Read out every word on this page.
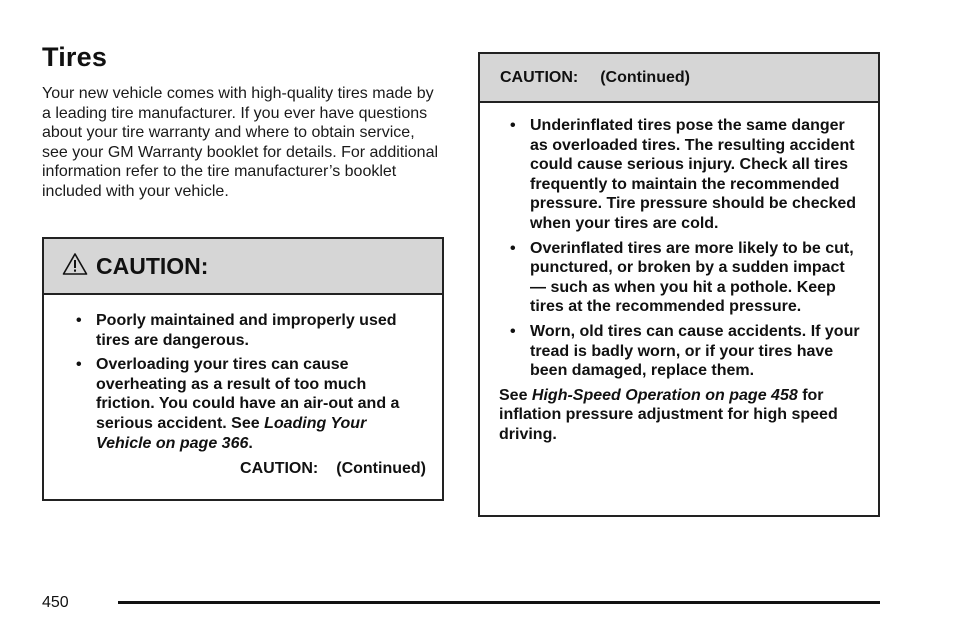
Tires
Your new vehicle comes with high-quality tires made by a leading tire manufacturer. If you ever have questions about your tire warranty and where to obtain service, see your GM Warranty booklet for details. For additional information refer to the tire manufacturer’s booklet included with your vehicle.
CAUTION:
• Poorly maintained and improperly used tires are dangerous.
• Overloading your tires can cause overheating as a result of too much friction. You could have an air-out and a serious accident. See Loading Your Vehicle on page 366.
CAUTION: (Continued)
CAUTION: (Continued)
• Underinflated tires pose the same danger as overloaded tires. The resulting accident could cause serious injury. Check all tires frequently to maintain the recommended pressure. Tire pressure should be checked when your tires are cold.
• Overinflated tires are more likely to be cut, punctured, or broken by a sudden impact — such as when you hit a pothole. Keep tires at the recommended pressure.
• Worn, old tires can cause accidents. If your tread is badly worn, or if your tires have been damaged, replace them.
See High-Speed Operation on page 458 for inflation pressure adjustment for high speed driving.
450
